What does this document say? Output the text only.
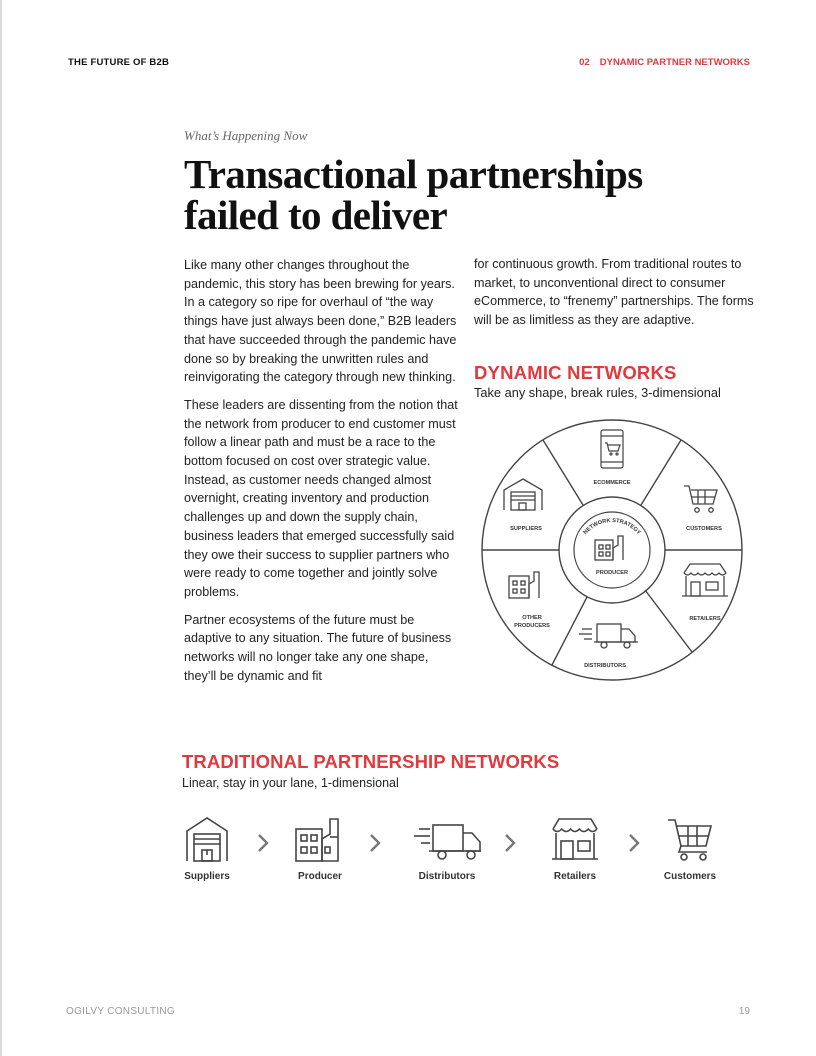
THE FUTURE OF B2B	02 DYNAMIC PARTNER NETWORKS
What’s Happening Now
Transactional partnerships failed to deliver

Like many other changes throughout the pandemic, this story has been brewing for years. In a category so ripe for overhaul of “the way things have just always been done,” B2B leaders that have succeeded through the pandemic have done so by breaking the unwritten rules and reinvigorating the category through new thinking.

These leaders are dissenting from the notion that the network from producer to end customer must follow a linear path and must be a race to the bottom focused on cost over strategic value. Instead, as customer needs changed almost overnight, creating inventory and production challenges up and down the supply chain, business leaders that emerged successfully said they owe their success to supplier partners who were ready to come together and jointly solve problems.

Partner ecosystems of the future must be adaptive to any situation. The future of business networks will no longer take any one shape, they’ll be dynamic and fit

for continuous growth. From traditional routes to market, to unconventional direct to consumer eCommerce, to “frenemy” partnerships. The forms will be as limitless as they are adaptive.

DYNAMIC NETWORKS
Take any shape, break rules, 3-dimensional
ECOMMERCE
CUSTOMERS
RETAILERS
DISTRIBUTORS
OTHER
PRODUCERS
SUPPLIERS	NETWORK STRATEGY
PRODUCER
TRADITIONAL PARTNERSHIP NETWORKS
Linear, stay in your lane, 1-dimensional
Suppliers	Producer	Distributors	Retailers	Customers
OGILVY CONSULTING	19
